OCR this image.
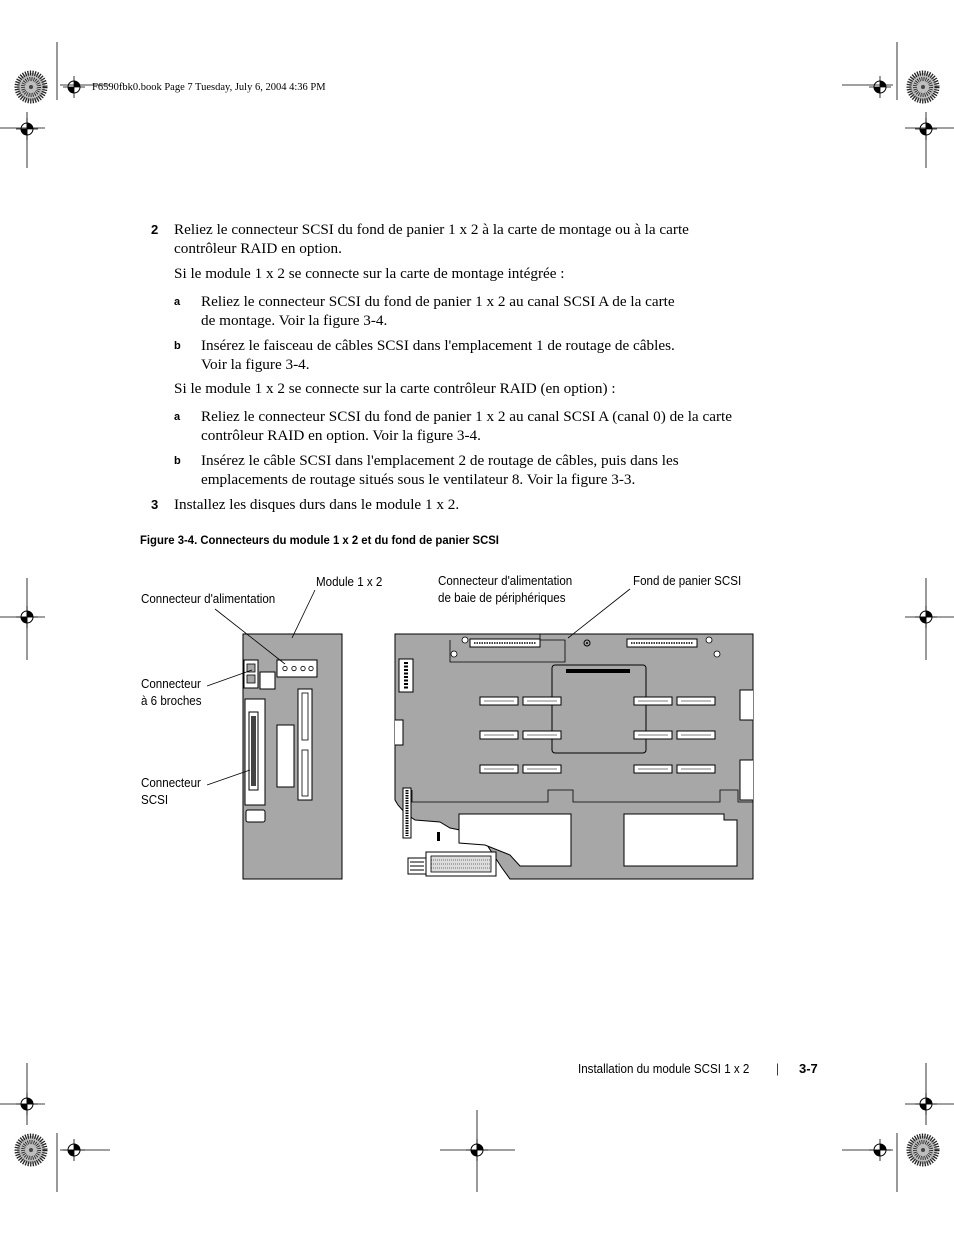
F6590fbk0.book Page 7 Tuesday, July 6, 2004 4:36 PM
2 Reliez le connecteur SCSI du fond de panier 1 x 2 à la carte de montage ou à la carte
contrôleur RAID en option.
Si le module 1 x 2 se connecte sur la carte de montage intégrée :
a Reliez le connecteur SCSI du fond de panier 1 x 2 au canal SCSI A de la carte
de montage. Voir la figure 3-4.
b Insérez le faisceau de câbles SCSI dans l'emplacement 1 de routage de câbles.
Voir la figure 3-4.
Si le module 1 x 2 se connecte sur la carte contrôleur RAID (en option) :
a Reliez le connecteur SCSI du fond de panier 1 x 2 au canal SCSI A (canal 0) de la carte
contrôleur RAID en option. Voir la figure 3-4.
b Insérez le câble SCSI dans l'emplacement 2 de routage de câbles, puis dans les
emplacements de routage situés sous le ventilateur 8. Voir la figure 3-3.
3 Installez les disques durs dans le module 1 x 2.
Figure 3-4. Connecteurs du module 1 x 2 et du fond de panier SCSI
Module 1 x 2
Connecteur d'alimentation
Connecteur
à 6 broches
Connecteur
SCSI
Connecteur d'alimentation
de baie de périphériques
Fond de panier SCSI
Installation du module SCSI 1 x 2 | 3-7
